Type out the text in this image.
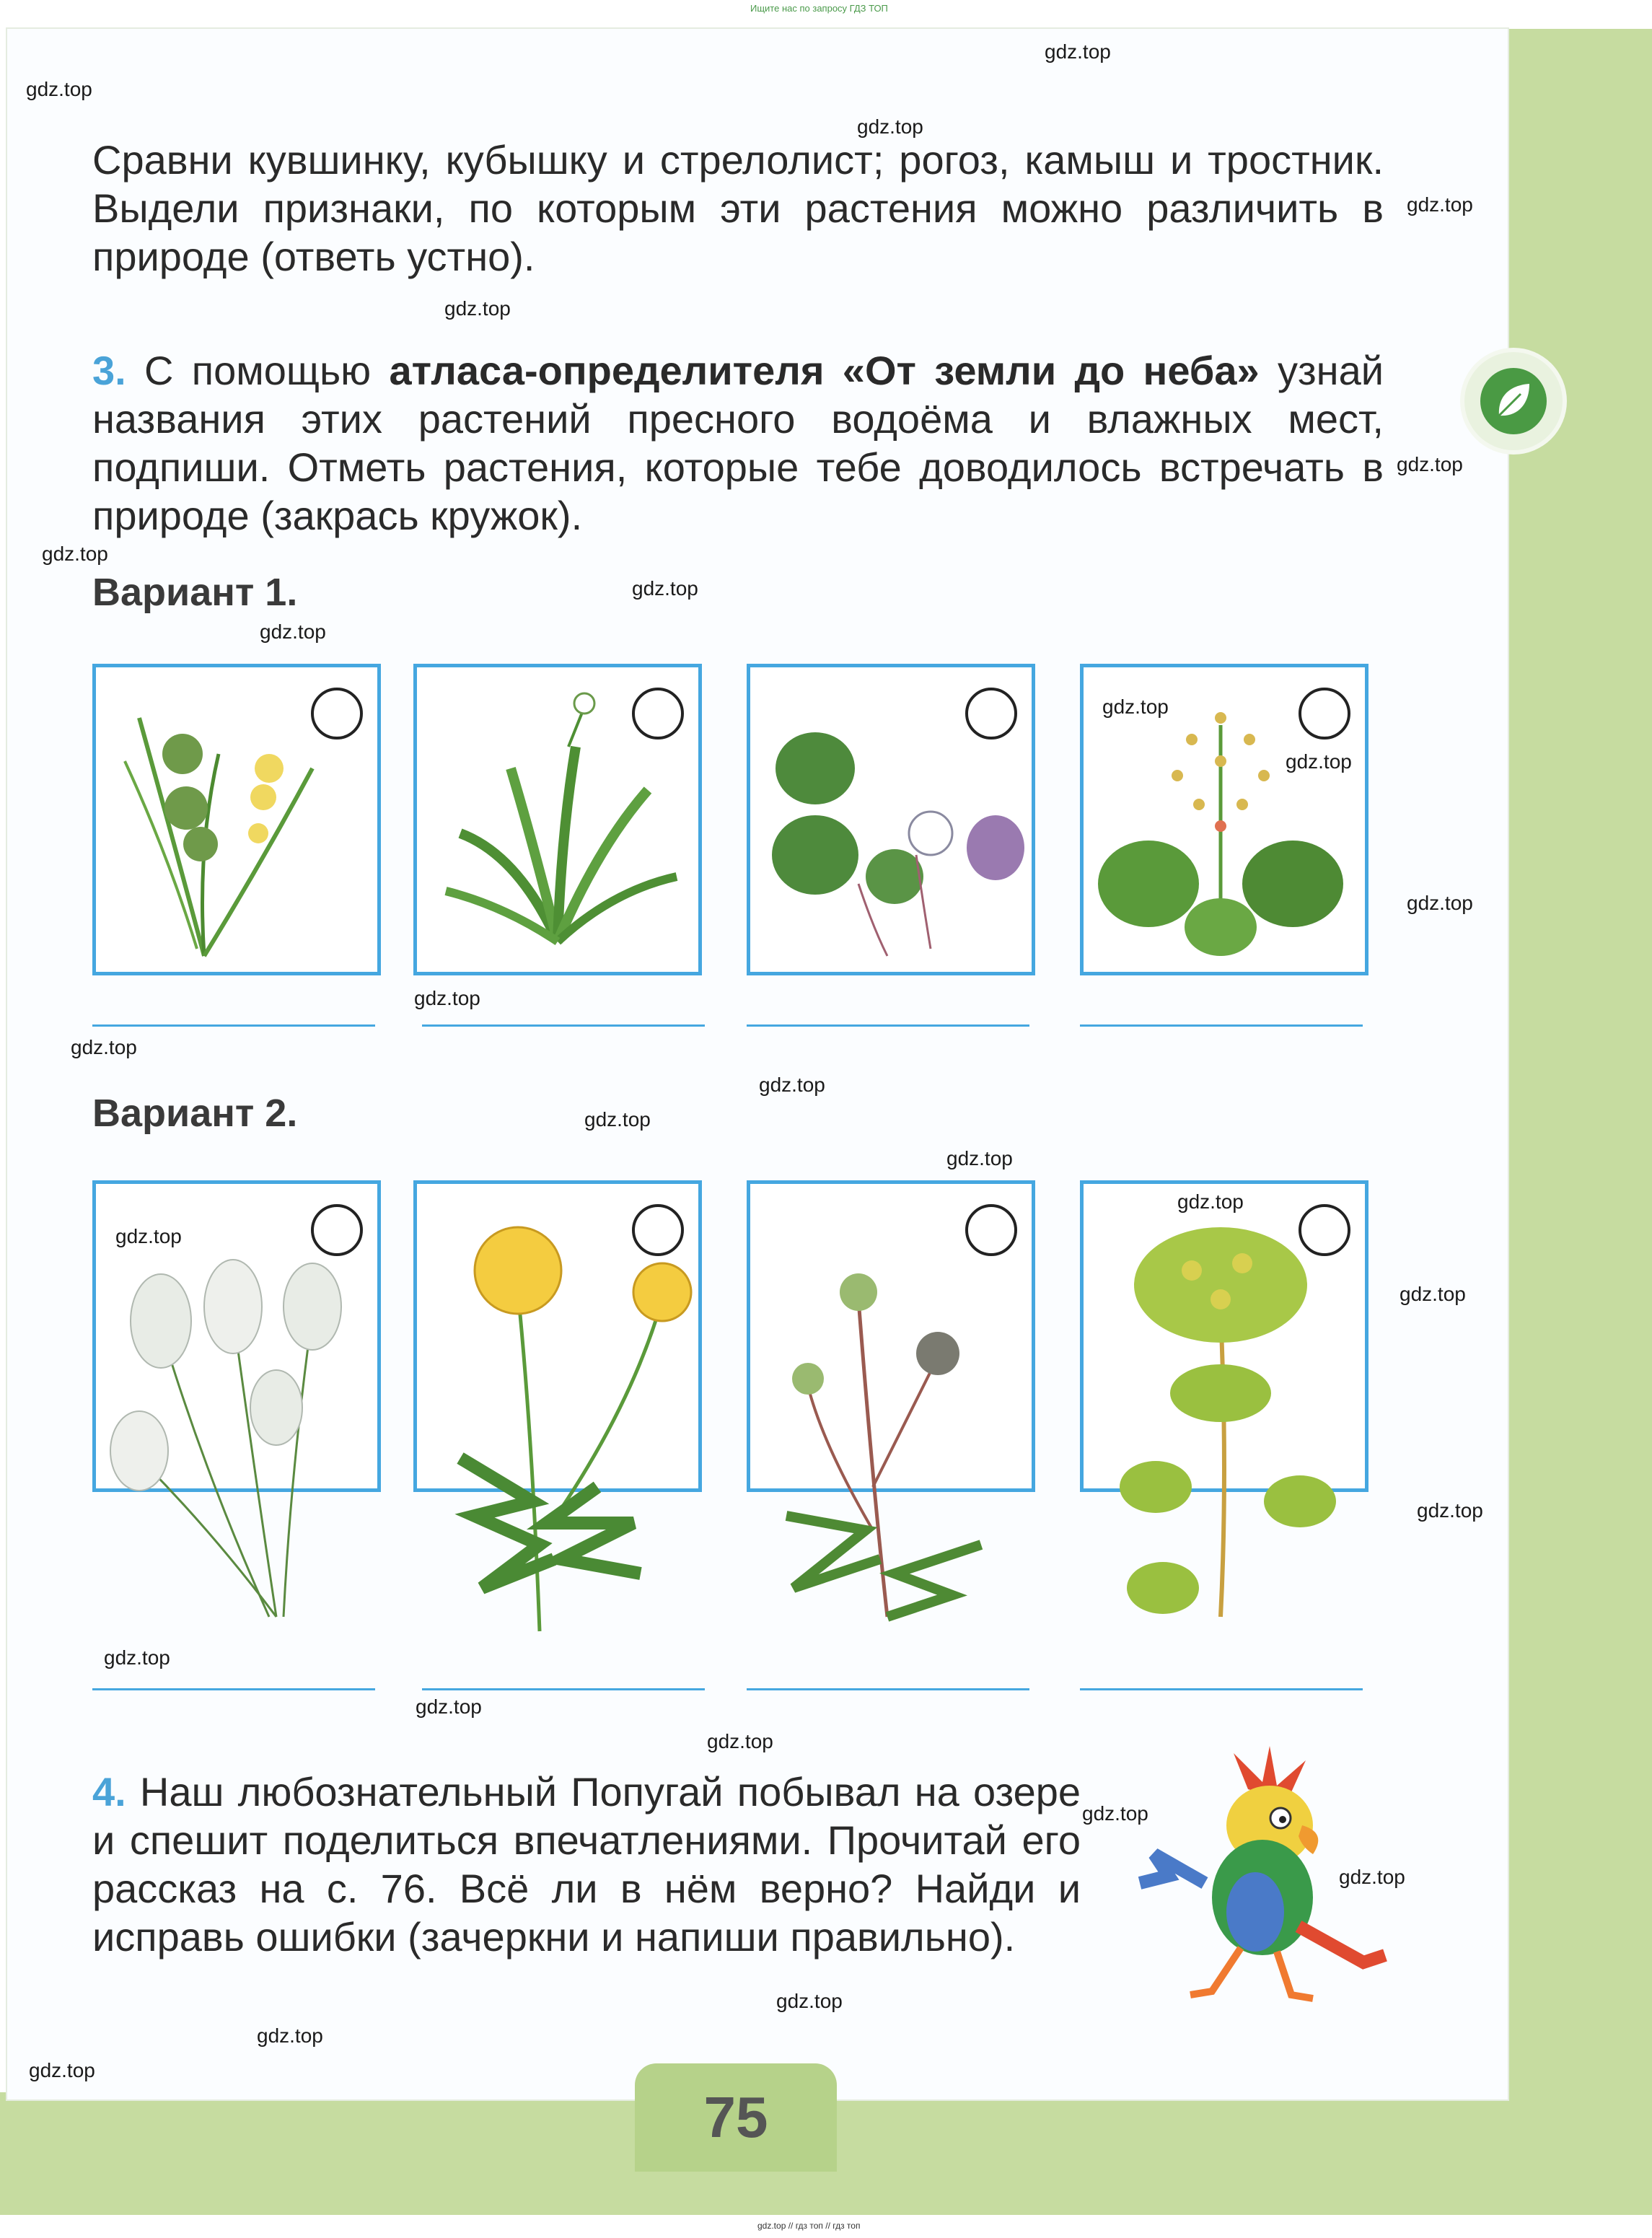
Ищите нас по запросу ГДЗ ТОП
Сравни кувшинку, кубышку и стрелолист; рогоз, камыш и тростник. Выдели признаки, по которым эти растения можно различить в природе (ответь устно).
3. С помощью атласа-определителя «От земли до неба» узнай названия этих растений пресного водоёма и влажных мест, подпиши. Отметь растения, которые тебе доводилось встречать в природе (закрась кружок).
Вариант 1.
Вариант 2.
4. Наш любознательный Попугай побывал на озере и спешит поделиться впечатлениями. Прочитай его рассказ на с. 76. Всё ли в нём верно? Найди и исправь ошибки (зачеркни и напиши правильно).
75
gdz.top
gdz.top
gdz.top
gdz.top
gdz.top
gdz.top
gdz.top
gdz.top
gdz.top
gdz.top
gdz.top
gdz.top
gdz.top
gdz.top
gdz.top
gdz.top
gdz.top
gdz.top
gdz.top
gdz.top
gdz.top
gdz.top
gdz.top
gdz.top
gdz.top
gdz.top
gdz.top
gdz.top
gdz.top
gdz.top // гдз топ // гдз топ
